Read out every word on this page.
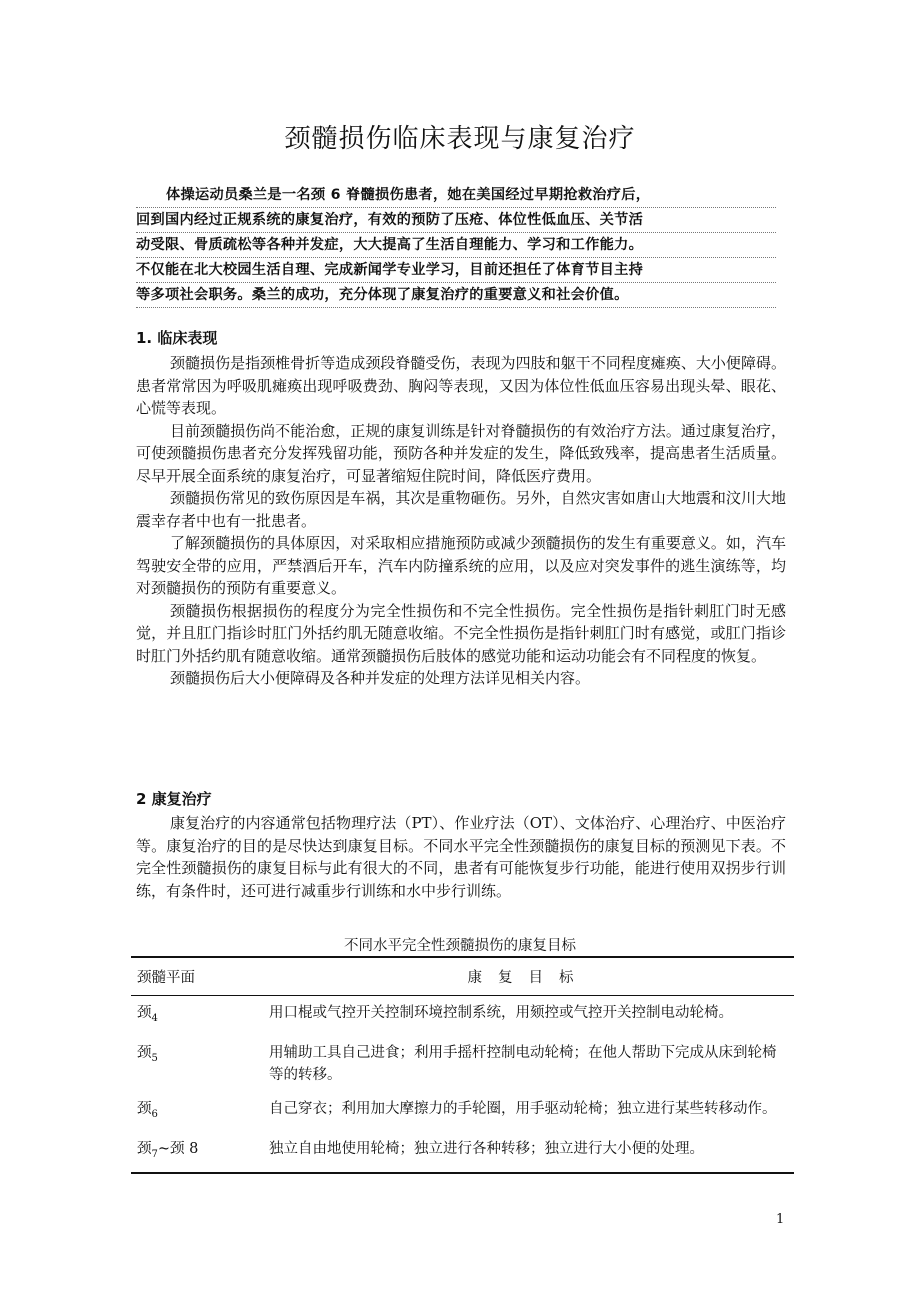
颈髓损伤临床表现与康复治疗
体操运动员桑兰是一名颈 6 脊髓损伤患者，她在美国经过早期抢救治疗后，
回到国内经过正规系统的康复治疗，有效的预防了压疮、体位性低血压、关节活
动受限、骨质疏松等各种并发症，大大提高了生活自理能力、学习和工作能力。
不仅能在北大校园生活自理、完成新闻学专业学习，目前还担任了体育节目主持
等多项社会职务。桑兰的成功，充分体现了康复治疗的重要意义和社会价值。
1. 临床表现

颈髓损伤是指颈椎骨折等造成颈段脊髓受伤，表现为四肢和躯干不同程度瘫痪、大小便障碍。患者常常因为呼吸肌瘫痪出现呼吸费劲、胸闷等表现，又因为体位性低血压容易出现头晕、眼花、心慌等表现。

目前颈髓损伤尚不能治愈，正规的康复训练是针对脊髓损伤的有效治疗方法。通过康复治疗，可使颈髓损伤患者充分发挥残留功能，预防各种并发症的发生，降低致残率，提高患者生活质量。尽早开展全面系统的康复治疗，可显著缩短住院时间，降低医疗费用。

颈髓损伤常见的致伤原因是车祸，其次是重物砸伤。另外，自然灾害如唐山大地震和汶川大地震幸存者中也有一批患者。

了解颈髓损伤的具体原因，对采取相应措施预防或减少颈髓损伤的发生有重要意义。如，汽车驾驶安全带的应用，严禁酒后开车，汽车内防撞系统的应用，以及应对突发事件的逃生演练等，均对颈髓损伤的预防有重要意义。

颈髓损伤根据损伤的程度分为完全性损伤和不完全性损伤。完全性损伤是指针刺肛门时无感觉，并且肛门指诊时肛门外括约肌无随意收缩。不完全性损伤是指针刺肛门时有感觉，或肛门指诊时肛门外括约肌有随意收缩。通常颈髓损伤后肢体的感觉功能和运动功能会有不同程度的恢复。

颈髓损伤后大小便障碍及各种并发症的处理方法详见相关内容。

2 康复治疗

康复治疗的内容通常包括物理疗法（PT）、作业疗法（OT）、文体治疗、心理治疗、中医治疗等。康复治疗的目的是尽快达到康复目标。不同水平完全性颈髓损伤的康复目标的预测见下表。不完全性颈髓损伤的康复目标与此有很大的不同，患者有可能恢复步行功能，能进行使用双拐步行训练，有条件时，还可进行减重步行训练和水中步行训练。

不同水平完全性颈髓损伤的康复目标

颈髓平面	康复目标
颈$_4$	用口棍或气控开关控制环境控制系统，用颏控或气控开关控制电动轮椅。
颈$_5$	用辅助工具自己进食；利用手摇杆控制电动轮椅；在他人帮助下完成从床到轮椅等的转移。
颈$_6$	自己穿衣；利用加大摩擦力的手轮圈，用手驱动轮椅；独立进行某些转移动作。
颈$_7$~颈 8	独立自由地使用轮椅；独立进行各种转移；独立进行大小便的处理。
1
